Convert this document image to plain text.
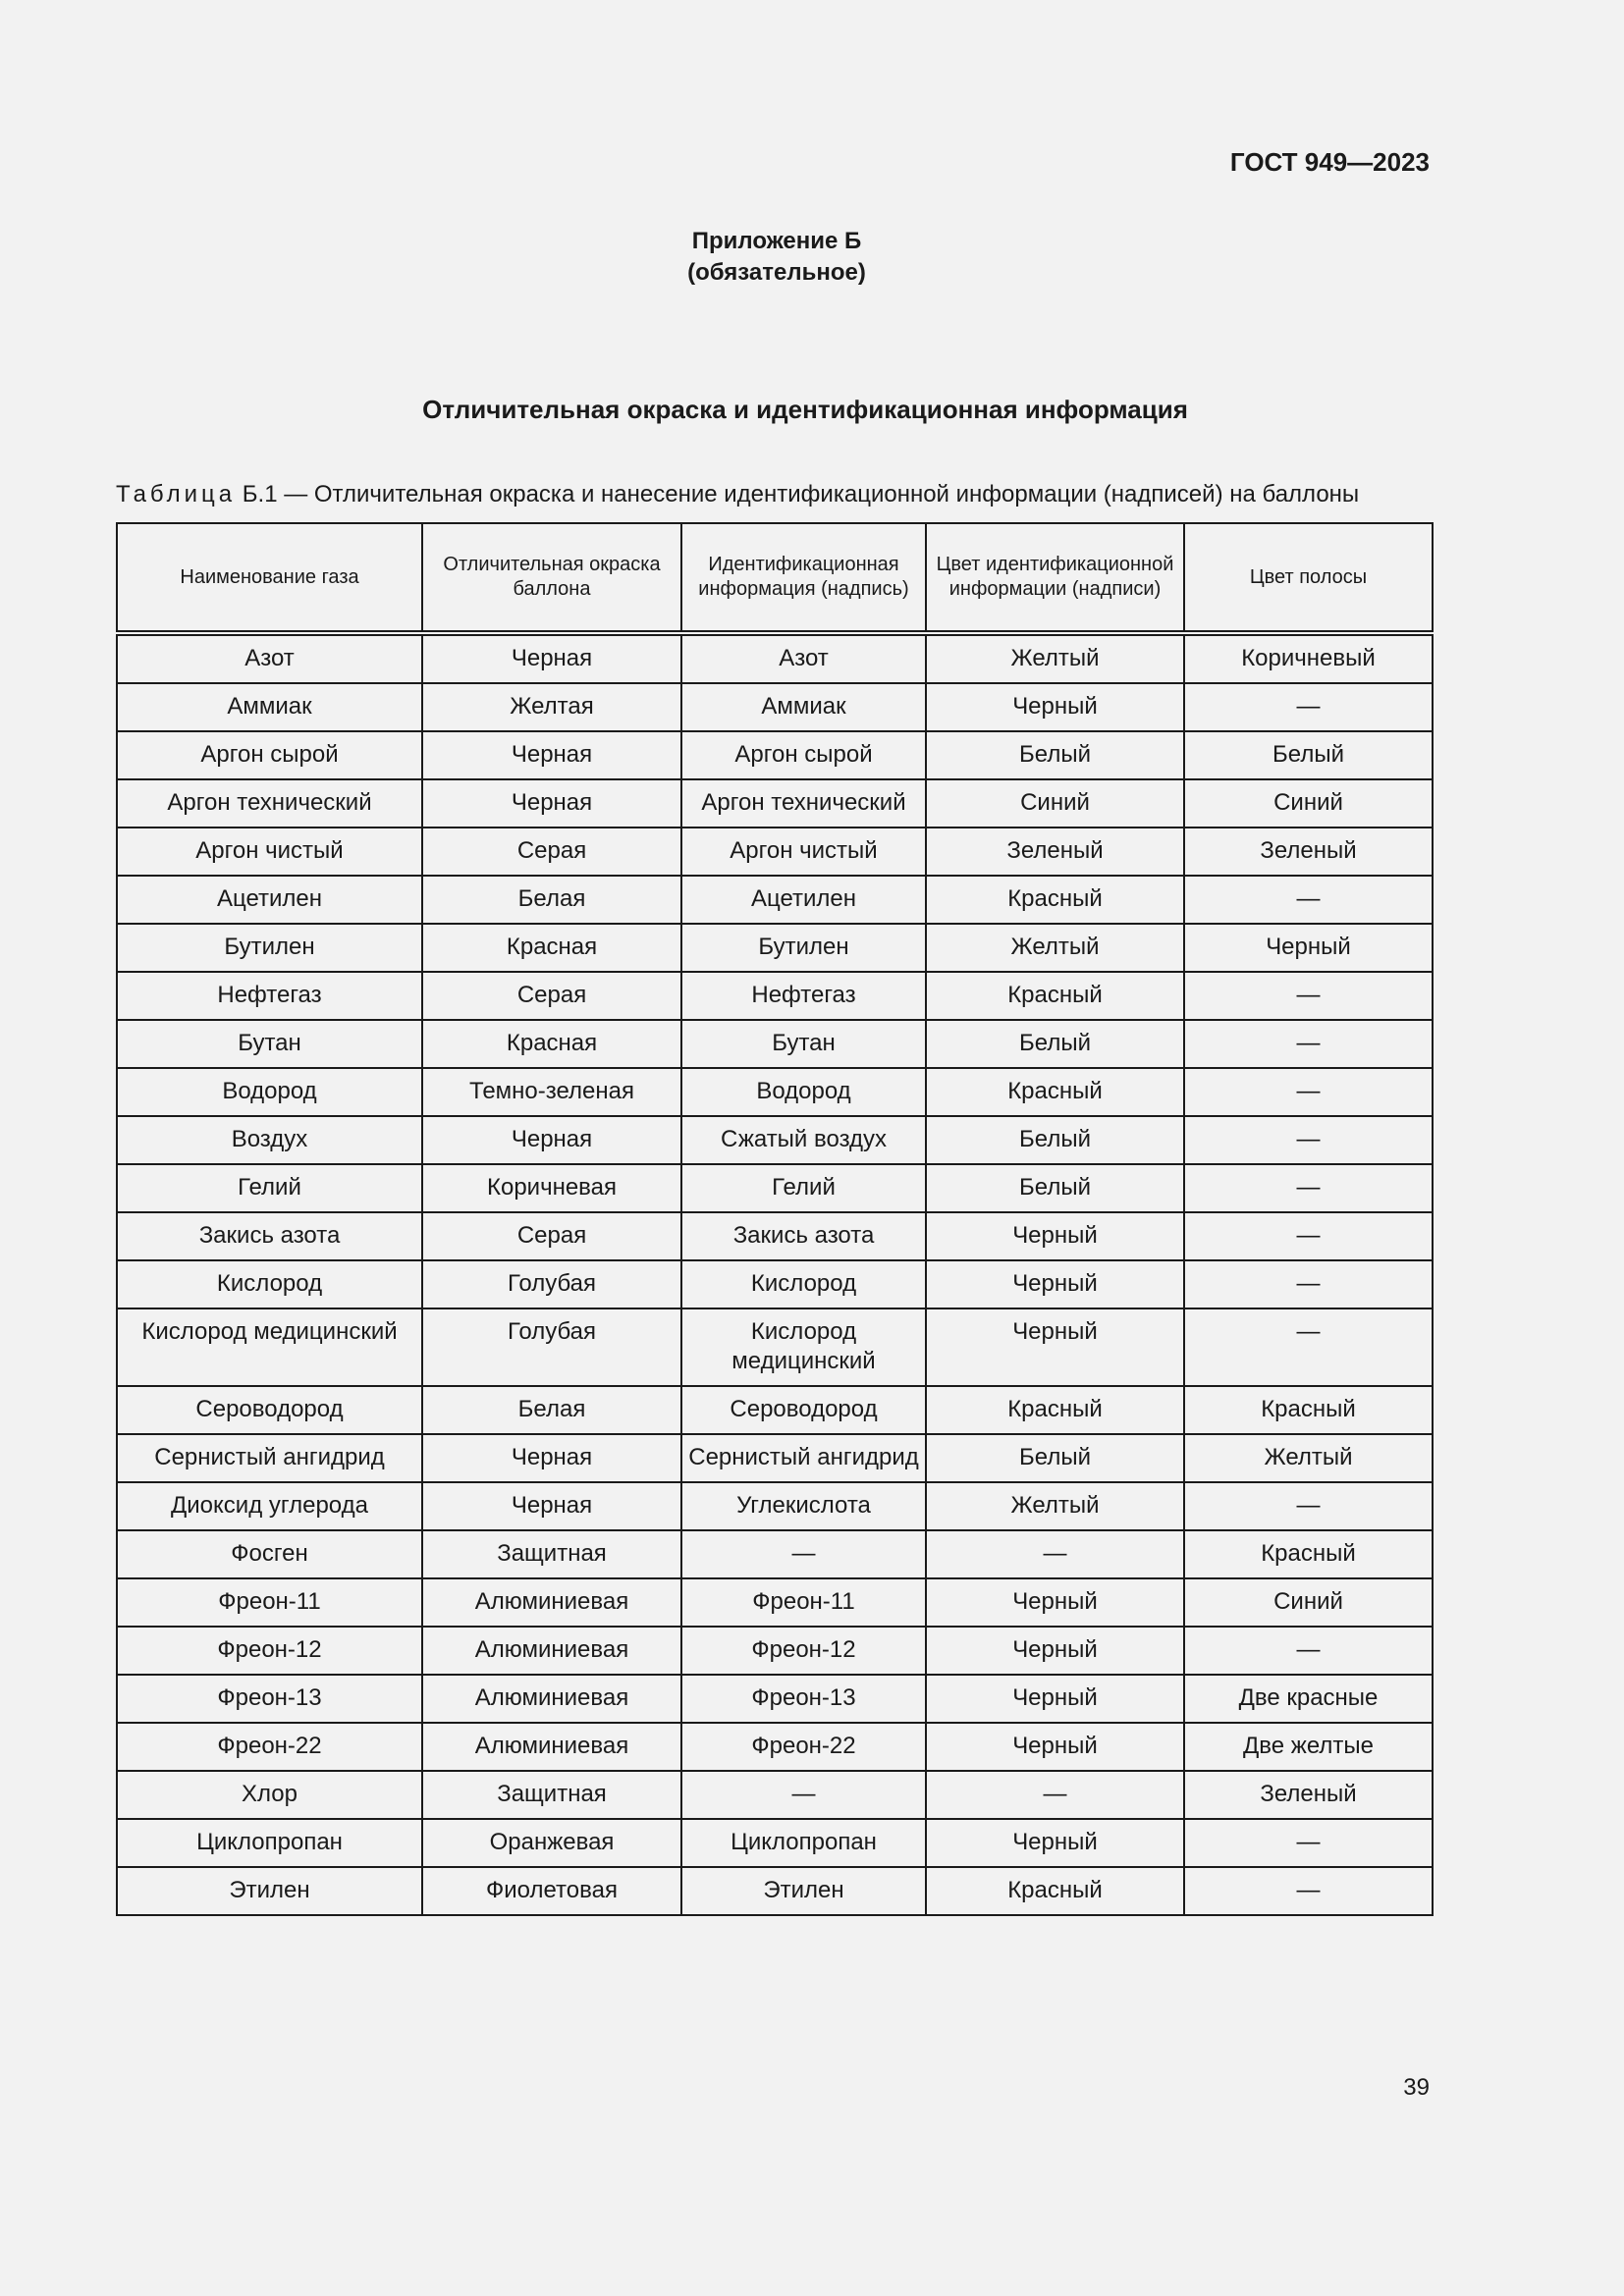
ГОСТ 949—2023
Приложение Б
(обязательное)
Отличительная окраска и идентификационная информация
Таблица Б.1 — Отличительная окраска и нанесение идентификационной информации (надписей) на баллоны
Наименование газа	Отличительная окраска баллона	Идентификационная информация (надпись)	Цвет идентификационной информации (надписи)	Цвет полосы
Азот	Черная	Азот	Желтый	Коричневый
Аммиак	Желтая	Аммиак	Черный	—
Аргон сырой	Черная	Аргон сырой	Белый	Белый
Аргон технический	Черная	Аргон технический	Синий	Синий
Аргон чистый	Серая	Аргон чистый	Зеленый	Зеленый
Ацетилен	Белая	Ацетилен	Красный	—
Бутилен	Красная	Бутилен	Желтый	Черный
Нефтегаз	Серая	Нефтегаз	Красный	—
Бутан	Красная	Бутан	Белый	—
Водород	Темно-зеленая	Водород	Красный	—
Воздух	Черная	Сжатый воздух	Белый	—
Гелий	Коричневая	Гелий	Белый	—
Закись азота	Серая	Закись азота	Черный	—
Кислород	Голубая	Кислород	Черный	—
Кислород медицинский	Голубая	Кислород медицинский	Черный	—
Сероводород	Белая	Сероводород	Красный	Красный
Сернистый ангидрид	Черная	Сернистый ангидрид	Белый	Желтый
Диоксид углерода	Черная	Углекислота	Желтый	—
Фосген	Защитная	—	—	Красный
Фреон-11	Алюминиевая	Фреон-11	Черный	Синий
Фреон-12	Алюминиевая	Фреон-12	Черный	—
Фреон-13	Алюминиевая	Фреон-13	Черный	Две красные
Фреон-22	Алюминиевая	Фреон-22	Черный	Две желтые
Хлор	Защитная	—	—	Зеленый
Циклопропан	Оранжевая	Циклопропан	Черный	—
Этилен	Фиолетовая	Этилен	Красный	—
39
